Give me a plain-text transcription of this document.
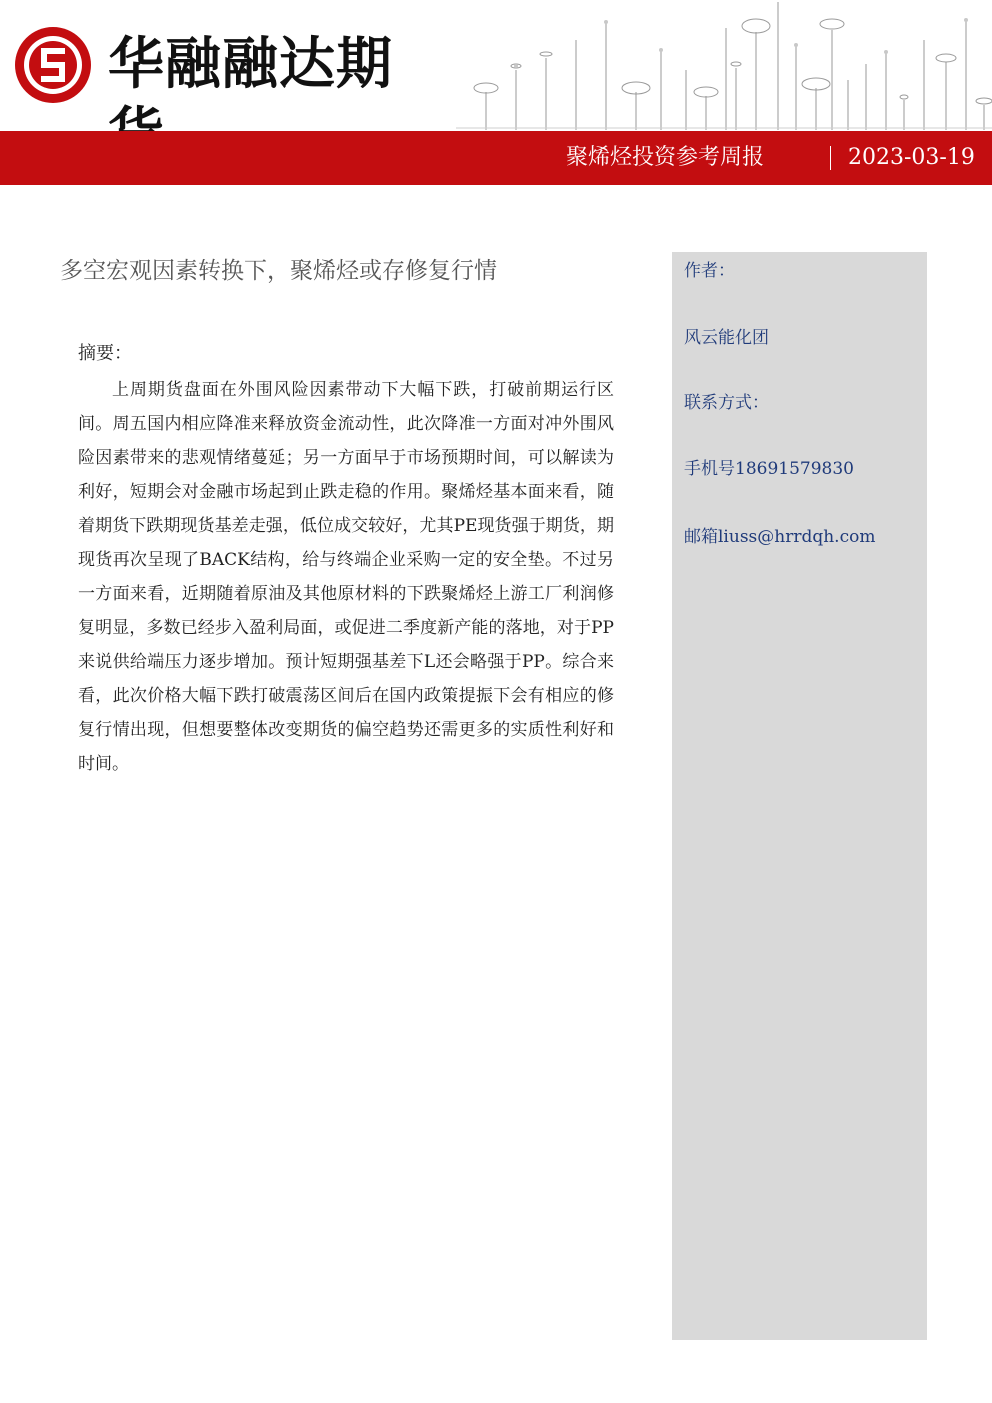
华融融达期
聚烯烃投资参考周报	2023-03-19
多空宏观因素转换下，聚烯烃或存修复行情
摘要：

上周期货盘面在外围风险因素带动下大幅下跌，打破前期运行区间。周五国内相应降准来释放资金流动性，此次降准一方面对冲外围风险因素带来的悲观情绪蔓延；另一方面早于市场预期时间，可以解读为利好，短期会对金融市场起到止跌走稳的作用。聚烯烃基本面来看，随着期货下跌期现货基差走强，低位成交较好，尤其PE现货强于期货，期现货再次呈现了BACK结构，给与终端企业采购一定的安全垫。不过另一方面来看，近期随着原油及其他原材料的下跌聚烯烃上游工厂利润修复明显，多数已经步入盈利局面，或促进二季度新产能的落地，对于PP来说供给端压力逐步增加。预计短期强基差下L还会略强于PP。综合来看，此次价格大幅下跌打破震荡区间后在国内政策提振下会有相应的修复行情出现，但想要整体改变期货的偏空趋势还需更多的实质性利好和时间。

作者：
风云能化团
联系方式：
手机号18691579830
邮箱liuss@hrrdqh.com
